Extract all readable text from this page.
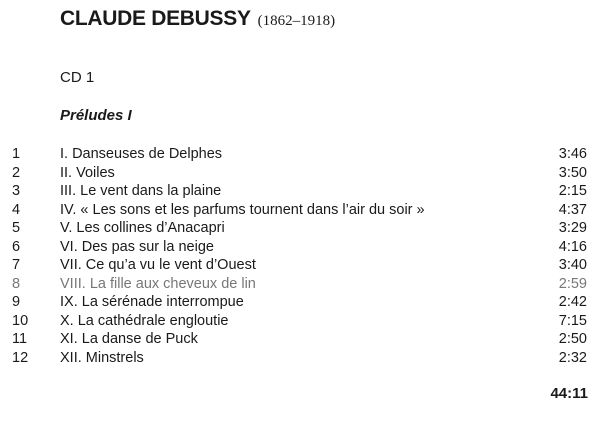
CLAUDE DEBUSSY (1862–1918)
CD 1
Préludes I
1	I. Danseuses de Delphes	3:46
2	II. Voiles	3:50
3	III. Le vent dans la plaine	2:15
4	IV. « Les sons et les parfums tournent dans l’air du soir »	4:37
5	V. Les collines d’Anacapri	3:29
6	VI. Des pas sur la neige	4:16
7	VII. Ce qu’a vu le vent d’Ouest	3:40
8	VIII. La fille aux cheveux de lin	2:59
9	IX. La sérénade interrompue	2:42
10 X. La cathédrale engloutie	7:15
11 XI. La danse de Puck	2:50
12 XII. Minstrels	2:32
44:11
